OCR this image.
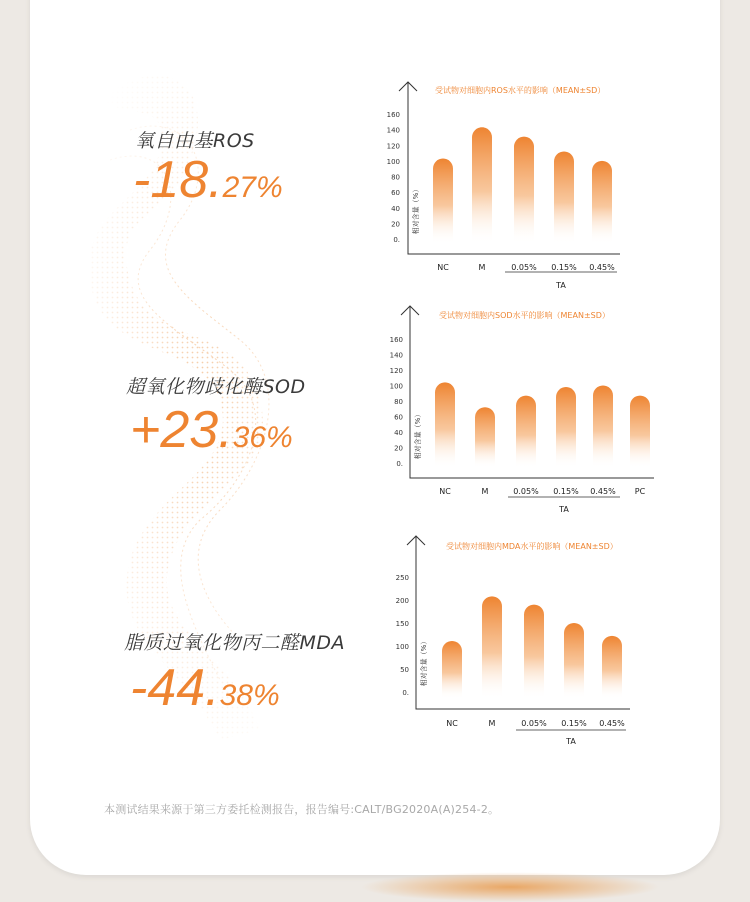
氧自由基ROS
-18.27%
超氧化物歧化酶SOD
+23.36%
脂质过氧化物丙二醛MDA
-44.38%
受试物对细胞内ROS水平的影响（MEAN±SD）
160
140
120
100
80
60
40
20
0.
相对含量（%）
NC	M	0.05% 0.15% 0.45%
TA
受试物对细胞内SOD水平的影响（MEAN±SD）
160
140
120
100
80
60
40
20
0.
相对含量（%）
NC	M	0.05% 0.15% 0.45% PC
TA
受试物对细胞内MDA水平的影响（MEAN±SD）
250
200
150
100
50
0.
相对含量（%）
NC	M	0.05% 0.15% 0.45%
TA
本测试结果来源于第三方委托检测报告，报告编号:CALT/BG2020A(A)254-2。
